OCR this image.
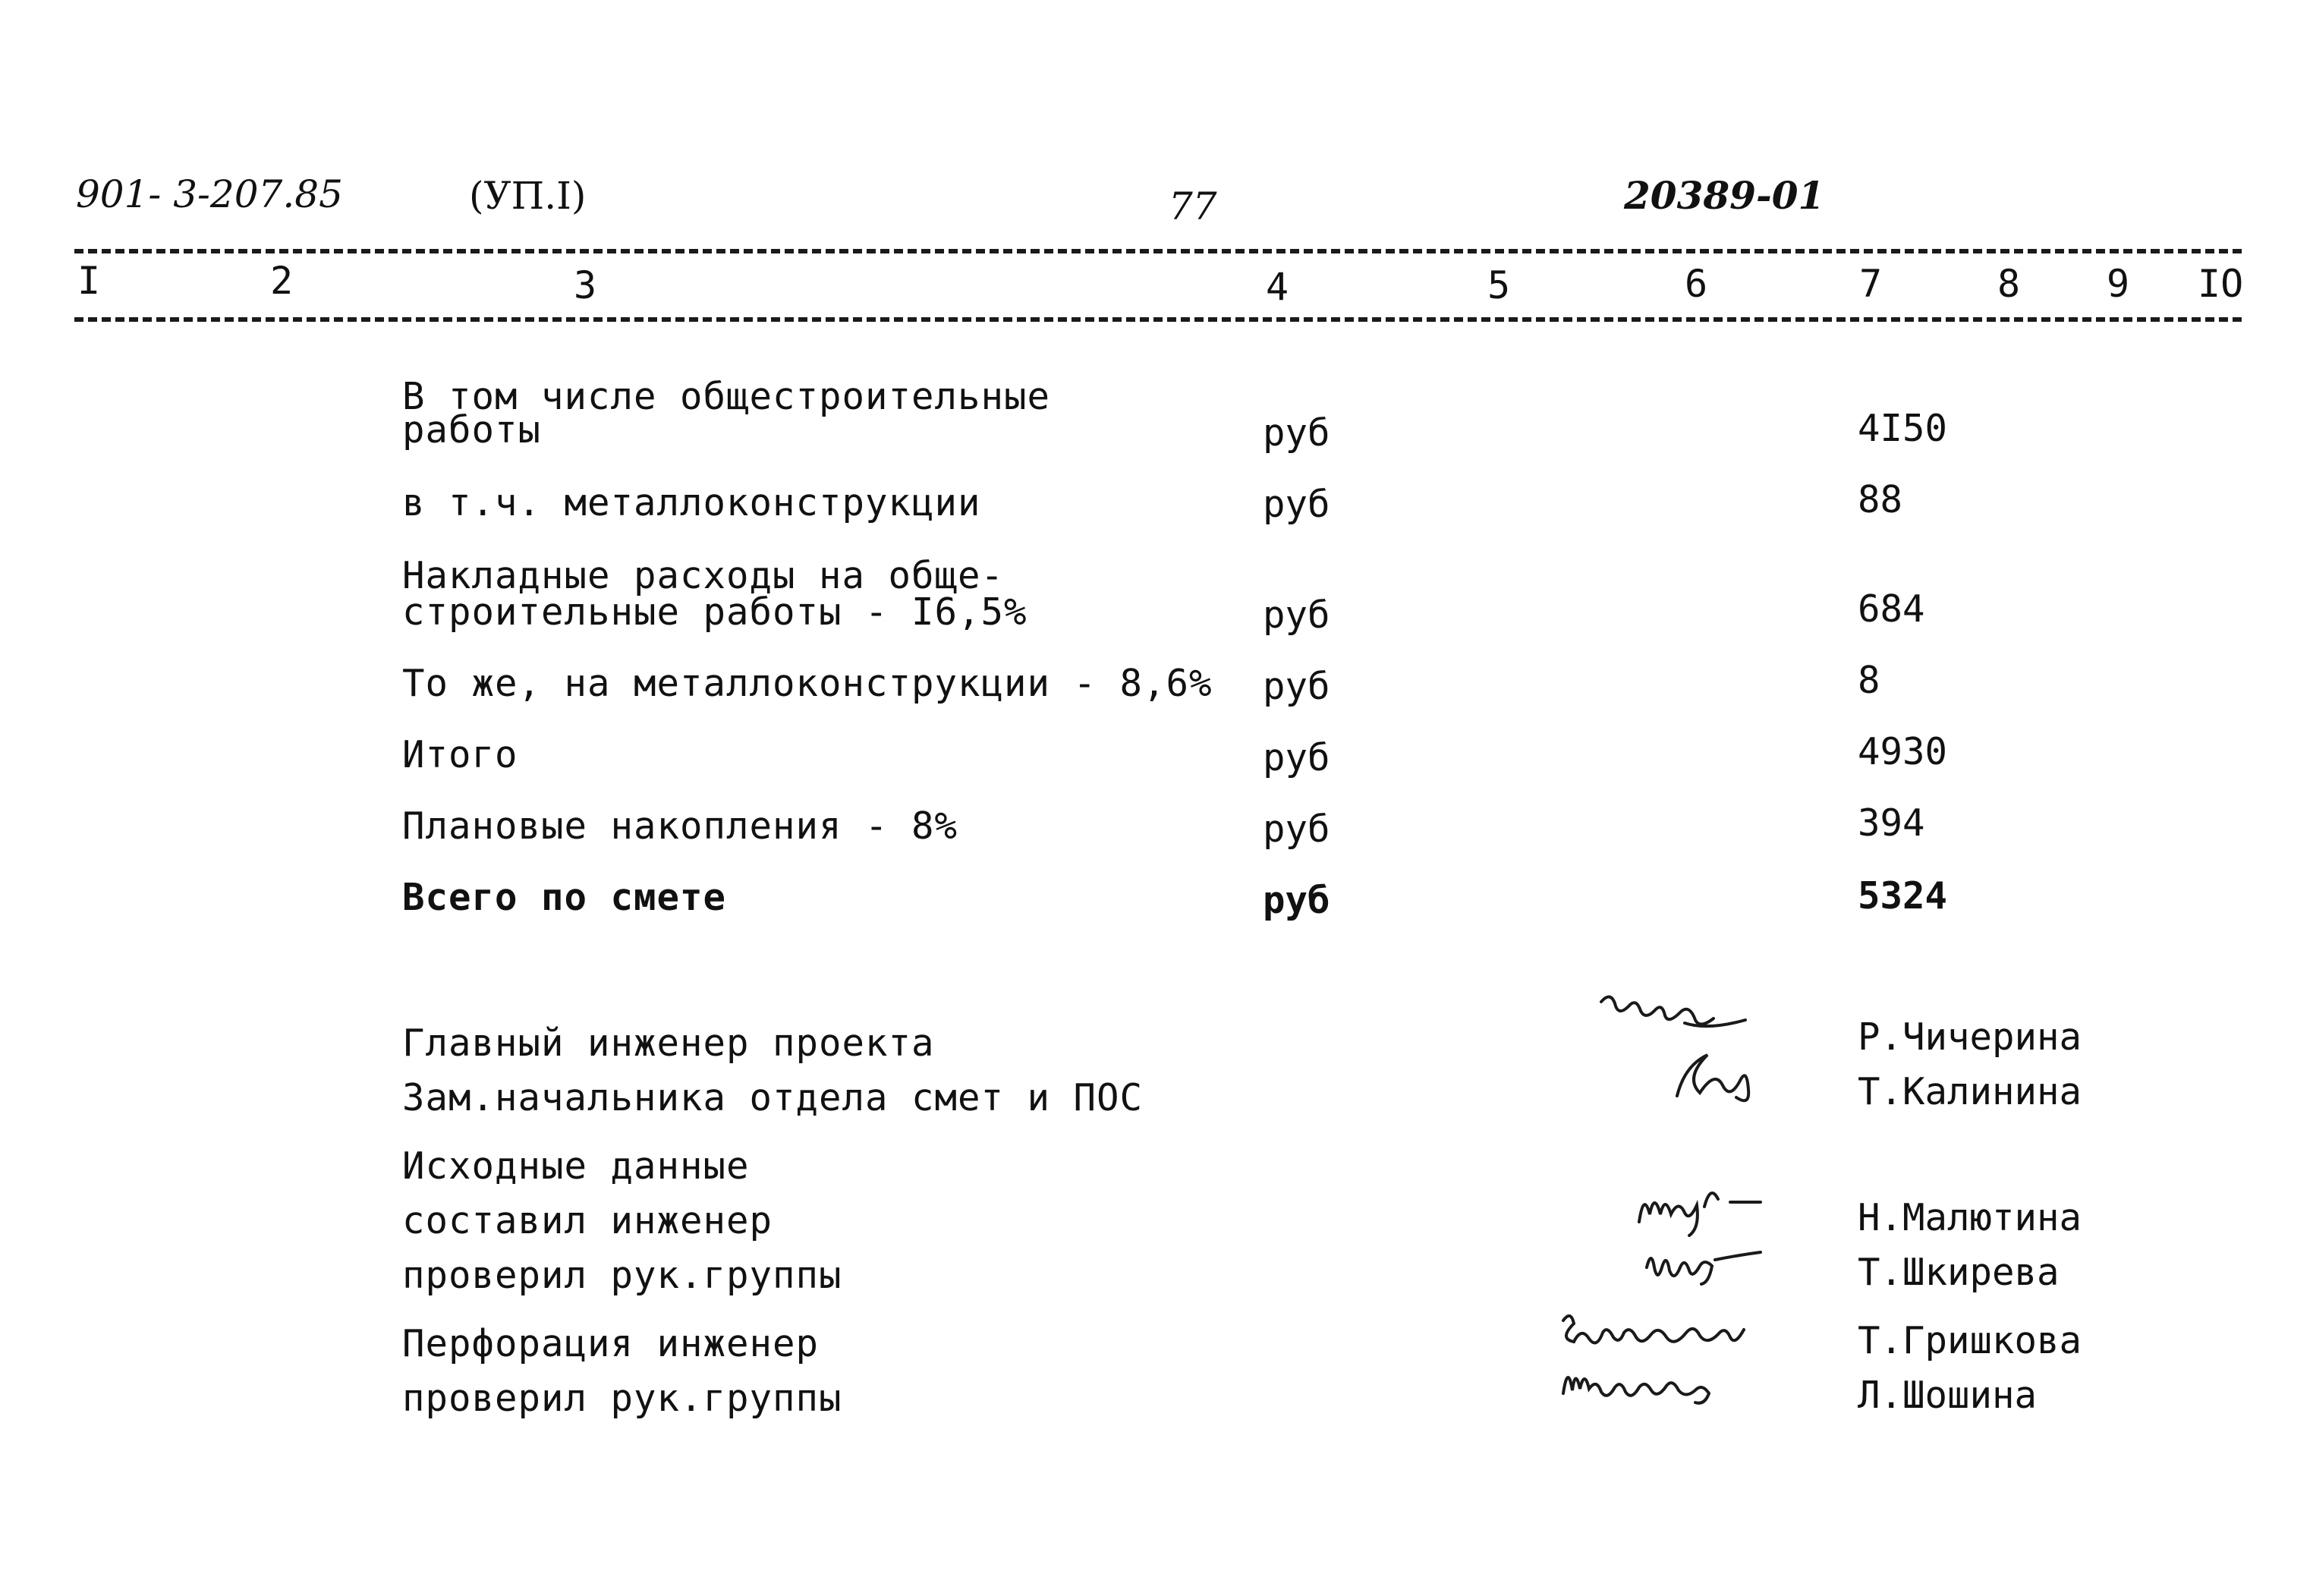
901- 3-207.85	(УП.I)	77	20389-01
I	2	3	4	5	6	7	8 9 IO
В том числе общестроительные
работы	руб	4I50
в т.ч. металлоконструкции	руб	88
Накладные расходы на обще-
строительные работы - I6,5%	руб	684
То же, на металлоконструкции - 8,6% руб	8
Итого	руб	4930
Плановые накопления - 8%	руб	394
Всего по смете	руб	5324
Главный инженер проекта	Р.Чичерина
Зам.начальника отдела смет и ПОС	Т.Калинина
Исходные данные
составил инженер	Н.Малютина
проверил рук.группы	Т.Шкирева
Перфорация инженер	Т.Гришкова
проверил рук.группы	Л.Шошина
